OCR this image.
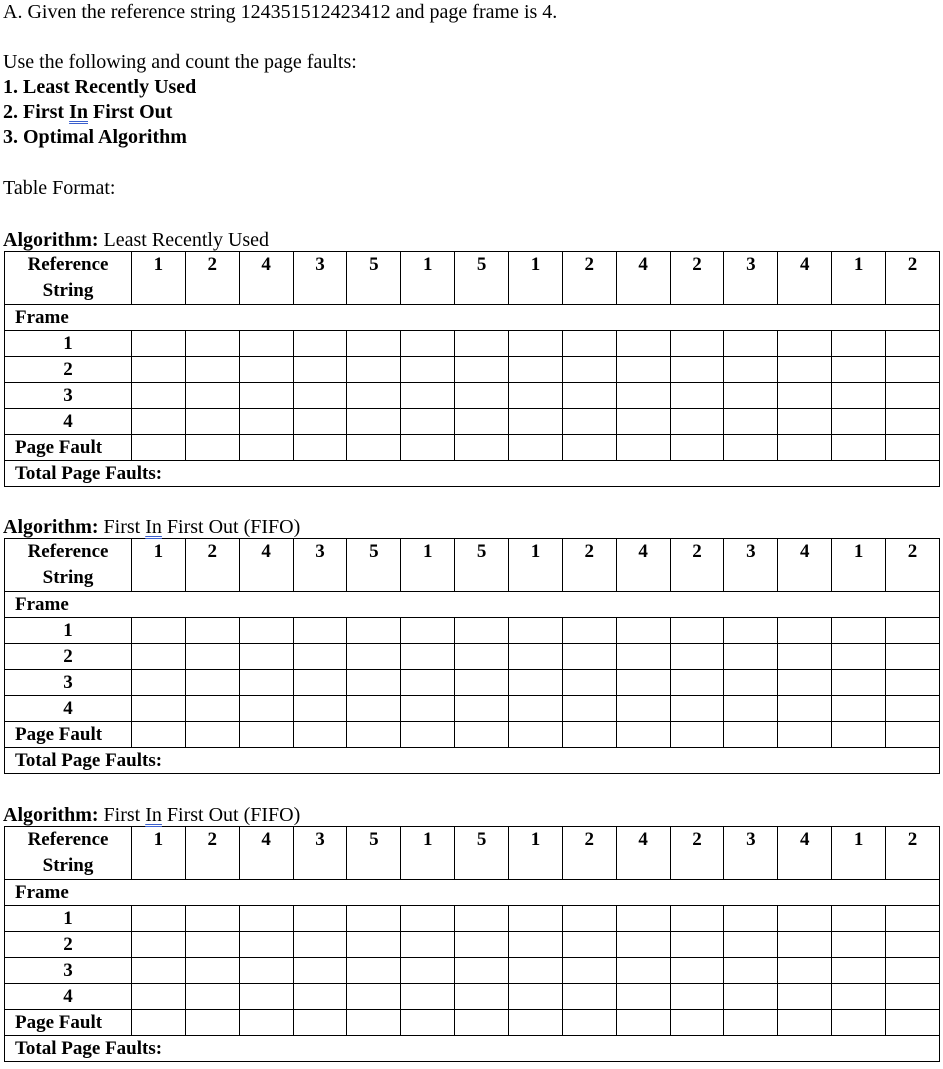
A. Given the reference string 124351512423412 and page frame is 4.
Use the following and count the page faults:
1. Least Recently Used
2. First In First Out
3. Optimal Algorithm
Table Format:
Algorithm: Least Recently Used
Reference
String	1	2	4	3	5	1	5	1	2	4	2	3	4	1	2
Frame															
1															
2															
3															
4															
Page Fault															
Total Page Faults:															
Algorithm: First In First Out (FIFO)
Reference
String	1	2	4	3	5	1	5	1	2	4	2	3	4	1	2
Frame															
1															
2															
3															
4															
Page Fault															
Total Page Faults:															
Algorithm: First In First Out (FIFO)
Reference
String	1	2	4	3	5	1	5	1	2	4	2	3	4	1	2
Frame															
1															
2															
3															
4															
Page Fault															
Total Page Faults:															
